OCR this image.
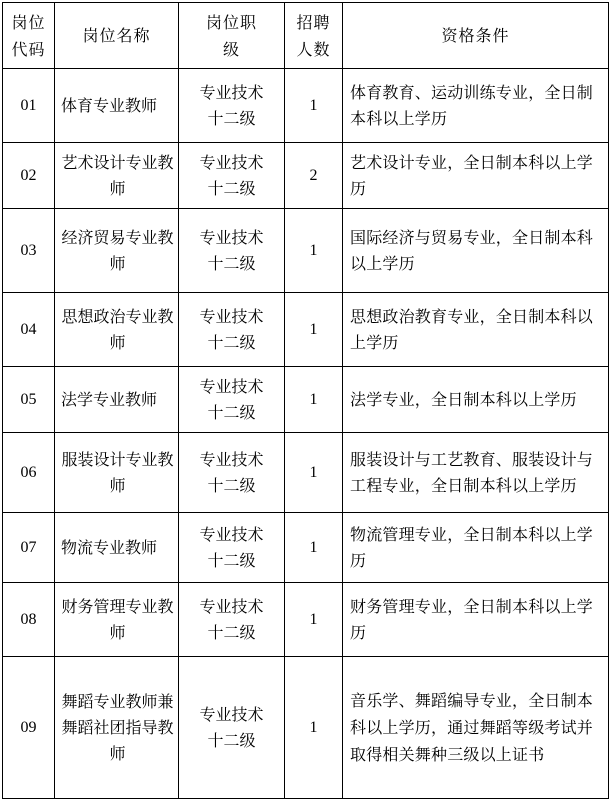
岗位代码	岗位名称	岗位职级	招聘人数	资格条件
01	体育专业教师	专业技术十二级	1	体育教育、运动训练专业，全日制本科以上学历
02	艺术设计专业教师	专业技术十二级	2	艺术设计专业，全日制本科以上学历
03	经济贸易专业教师	专业技术十二级	1	国际经济与贸易专业，全日制本科以上学历
04	思想政治专业教师	专业技术十二级	1	思想政治教育专业，全日制本科以上学历
05	法学专业教师	专业技术十二级	1	法学专业，全日制本科以上学历
06	服装设计专业教师	专业技术十二级	1	服装设计与工艺教育、服装设计与工程专业，全日制本科以上学历
07	物流专业教师	专业技术十二级	1	物流管理专业，全日制本科以上学历
08	财务管理专业教师	专业技术十二级	1	财务管理专业，全日制本科以上学历
09	舞蹈专业教师兼舞蹈社团指导教师	专业技术十二级	1	音乐学、舞蹈编导专业，全日制本科以上学历，通过舞蹈等级考试并取得相关舞种三级以上证书
